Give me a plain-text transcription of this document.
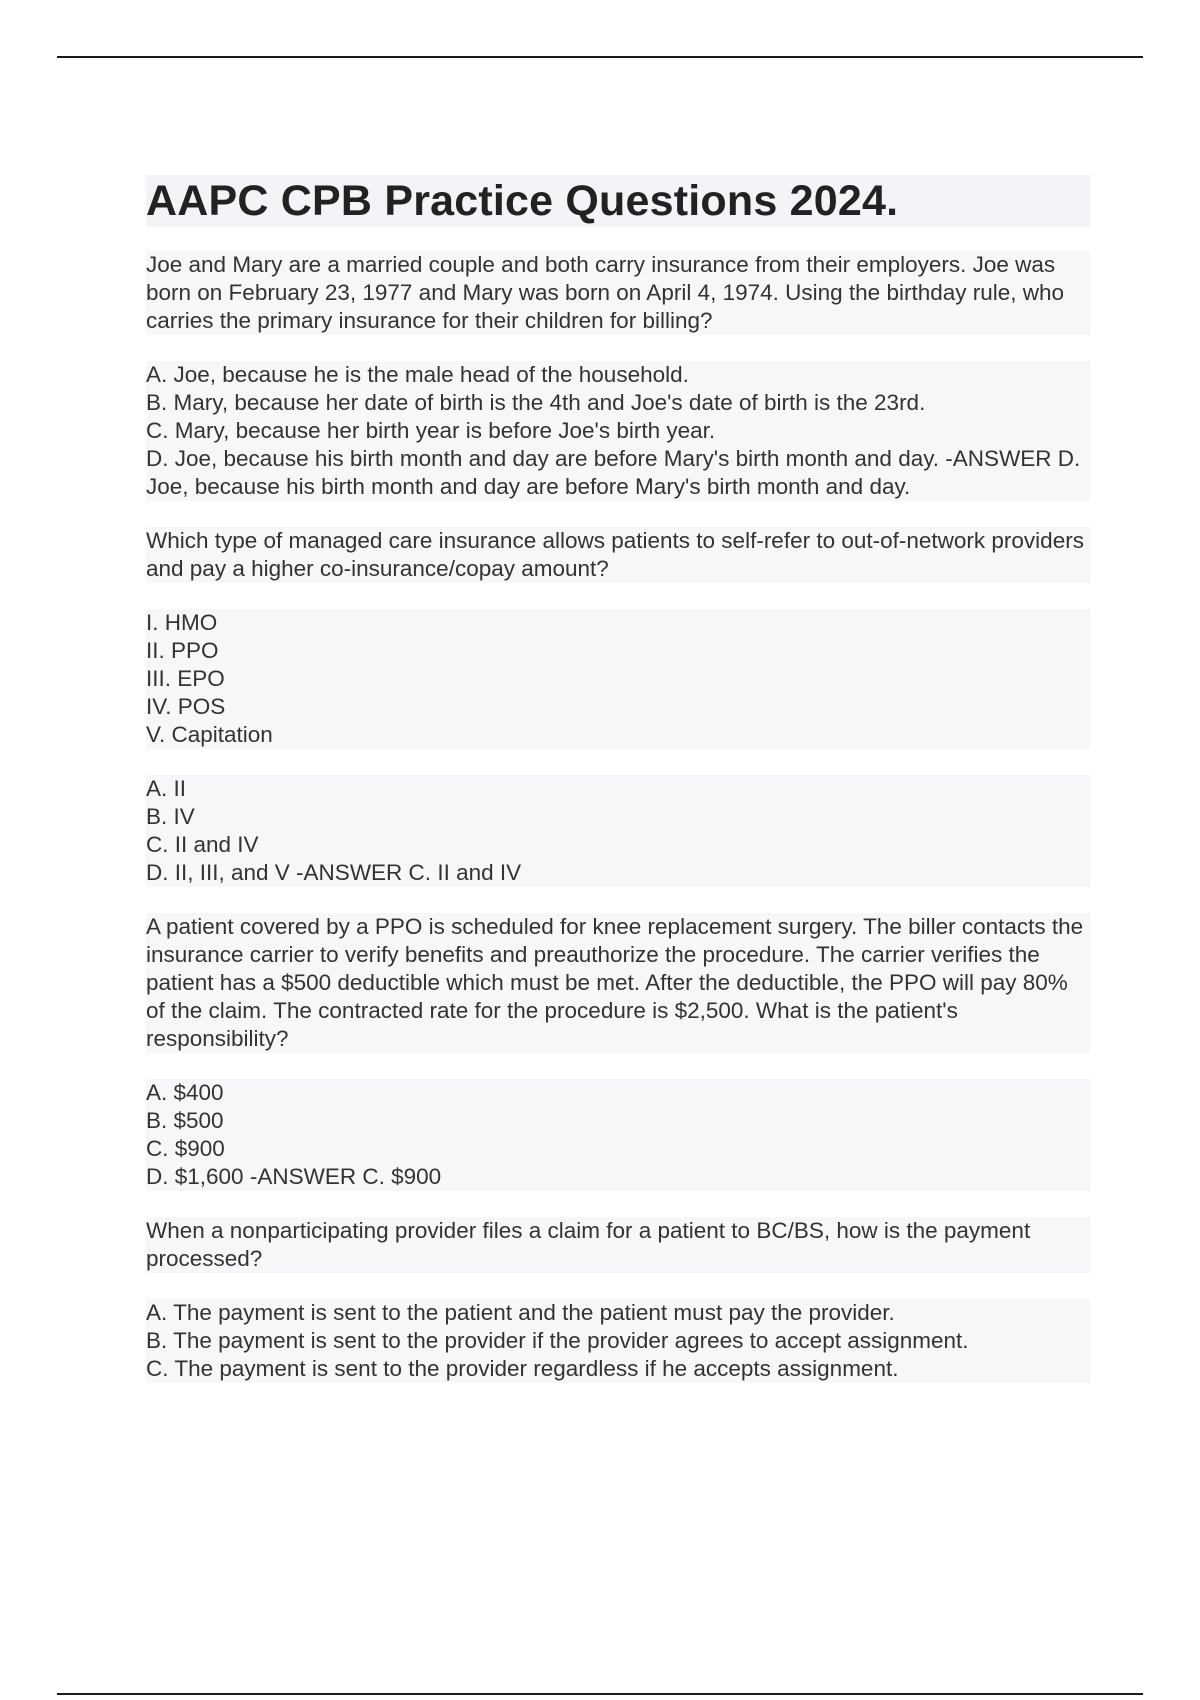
AAPC CPB Practice Questions 2024.

Joe and Mary are a married couple and both carry insurance from their employers. Joe was born on February 23, 1977 and Mary was born on April 4, 1974. Using the birthday rule, who carries the primary insurance for their children for billing?

A. Joe, because he is the male head of the household.
B. Mary, because her date of birth is the 4th and Joe's date of birth is the 23rd.
C. Mary, because her birth year is before Joe's birth year.
D. Joe, because his birth month and day are before Mary's birth month and day. -ANSWER D. Joe, because his birth month and day are before Mary's birth month and day.

Which type of managed care insurance allows patients to self-refer to out-of-network providers and pay a higher co-insurance/copay amount?

I. HMO
II. PPO
III. EPO
IV. POS
V. Capitation

A. II
B. IV
C. II and IV
D. II, III, and V -ANSWER C. II and IV

A patient covered by a PPO is scheduled for knee replacement surgery. The biller contacts the insurance carrier to verify benefits and preauthorize the procedure. The carrier verifies the patient has a $500 deductible which must be met. After the deductible, the PPO will pay 80% of the claim. The contracted rate for the procedure is $2,500. What is the patient's responsibility?

A. $400
B. $500
C. $900
D. $1,600 -ANSWER C. $900

When a nonparticipating provider files a claim for a patient to BC/BS, how is the payment processed?

A. The payment is sent to the patient and the patient must pay the provider.
B. The payment is sent to the provider if the provider agrees to accept assignment.
C. The payment is sent to the provider regardless if he accepts assignment.
